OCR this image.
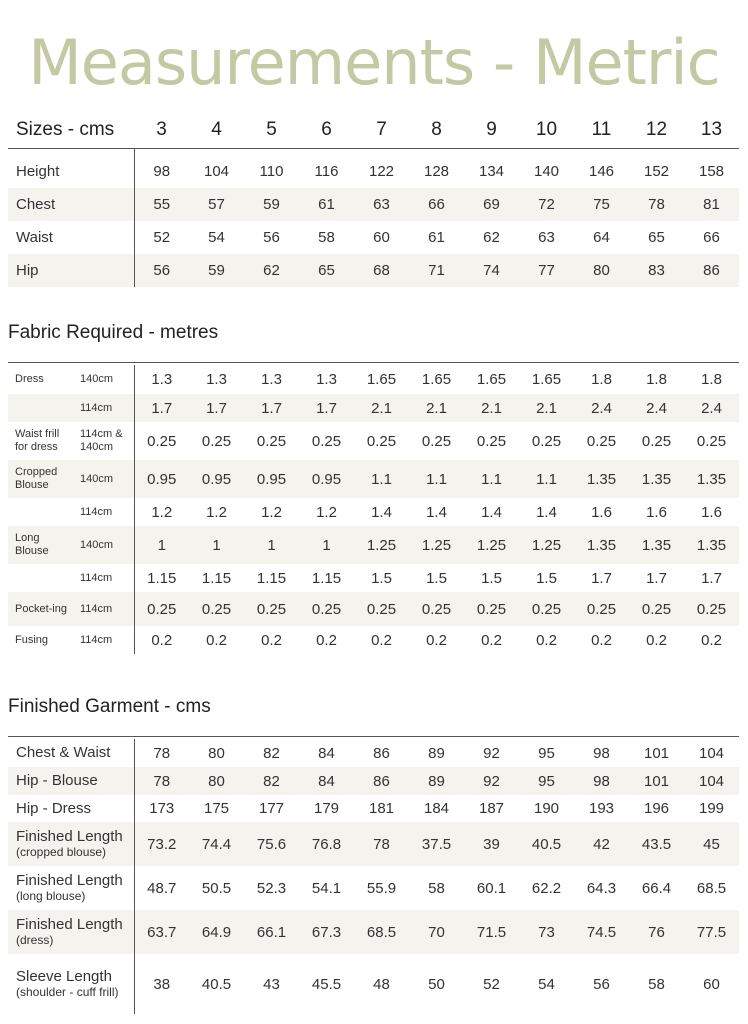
Measurements - Metric
Sizes - cms	3	4	5	6	7	8	9	10	11	12	13
Height	98	104	110	116	122	128	134	140	146	152	158
Chest	55	57	59	61	63	66	69	72	75	78	81
Waist	52	54	56	58	60	61	62	63	64	65	66
Hip	56	59	62	65	68	71	74	77	80	83	86
Fabric Required - metres
Dress	140cm	1.3	1.3	1.3	1.3	1.65	1.65	1.65	1.65	1.8	1.8	1.8
	114cm	1.7	1.7	1.7	1.7	2.1	2.1	2.1	2.1	2.4	2.4	2.4
Waist frill for dress	114cm & 140cm	0.25	0.25	0.25	0.25	0.25	0.25	0.25	0.25	0.25	0.25	0.25
Cropped Blouse	140cm	0.95	0.95	0.95	0.95	1.1	1.1	1.1	1.1	1.35	1.35	1.35
	114cm	1.2	1.2	1.2	1.2	1.4	1.4	1.4	1.4	1.6	1.6	1.6
Long Blouse	140cm	1	1	1	1	1.25	1.25	1.25	1.25	1.35	1.35	1.35
	114cm	1.15	1.15	1.15	1.15	1.5	1.5	1.5	1.5	1.7	1.7	1.7
Pocket-ing	114cm	0.25	0.25	0.25	0.25	0.25	0.25	0.25	0.25	0.25	0.25	0.25
Fusing	114cm	0.2	0.2	0.2	0.2	0.2	0.2	0.2	0.2	0.2	0.2	0.2
Finished Garment - cms
Chest & Waist	78	80	82	84	86	89	92	95	98	101	104

Hip - Blouse	78	80	82	84	86	89	92	95	98	101	104

Hip - Dress	173	175	177	179	181	184	187	190	193	196	199

Finished Length
(cropped blouse)	73.2	74.4	75.6	76.8	78	37.5	39	40.5	42	43.5	45

Finished Length
(long blouse)	48.7	50.5	52.3	54.1	55.9	58	60.1	62.2	64.3	66.4	68.5

Finished Length
(dress)	63.7	64.9	66.1	67.3	68.5	70	71.5	73	74.5	76	77.5

Sleeve Length
(shoulder - cuff frill)	38	40.5	43	45.5	48	50	52	54	56	58	60
